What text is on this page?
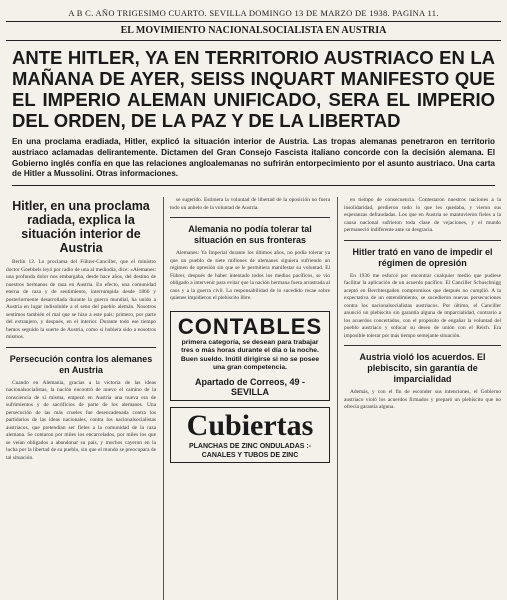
A B C. AÑO TRIGESIMO CUARTO. SEVILLA DOMINGO 13 DE MARZO DE 1938. PAGINA 11.
EL MOVIMIENTO NACIONALSOCIALISTA EN AUSTRIA
ANTE HITLER, YA EN TERRITORIO AUSTRIACO EN LA MAÑANA DE AYER, SEISS INQUART MANIFESTO QUE EL IMPERIO ALEMAN UNIFICADO, SERA EL IMPERIO DEL ORDEN, DE LA PAZ Y DE LA LIBERTAD
En una proclama eradiada, Hitler, explicó la situación interior de Austria. Las tropas alemanas penetraron en territorio austriaco aclamadas delirantemente. Dictamen del Gran Consejo Fascista italiano concorde con la decisión alemana. El Gobierno inglés confía en que las relaciones angloalemanas no sufrirán entorpecimiento por el asunto austriaco. Una carta de Hitler a Mussolini. Otras informaciones.
Hitler, en una proclama radiada, explica la situación interior de Austria

Berlín 12. Lo proclama del Führer-Canciller, que el ministro doctor Goebbels leyó por radio de una al mediodía, dice: «Alemanes: una profunda dolor nos embargaba, desde hace años, del destino de nuestros hermanos de raza en Austria. En efecto, una comunidad eterna de raza y de sentimiento, interrumpida desde 1866 y posteriormente desarrollada durante la guerra mundial, ha unido a Austria en lugar indisoluble a el seno del pueblo alemán. Nosotros sentimos también el mal que se hizo a este país; primero, por parte del extranjero, y después, en el interior. Durante todo ese tiempo hemos seguido la suerte de Austria, como si hubiera sido a nosotros mismos.

Persecución contra los alemanes en Austria

Cuando en Alemania, gracias a la victoria de las ideas nacionalsocialistas, la nación encontró de nuevo el camino de la consciencia de sí misma, empezó en Austria una nueva era de sufrimientos y de sacrificios de parte de los alemanes. Una persecución de las más crueles fue desencadenada contra los partidarios de las ideas nacionales, contra los nacionalsocialistas austriacos, que pretendían ser fieles a la comunidad de la raza alemana. Se contaron por miles los encarcelados, por miles los que se veían obligados a abandonar su país, y muchos cayeron en la lucha por la libertad de su pueblo, sin que el mundo se preocupara de tal situación.

se sugerido. Estimera la voluntad de libertad de la oposición no fuera todo un anhelo de la voluntad de Austria.

Alemania no podía tolerar tal situación en sus fronteras

Alemanes: Ya Imperial durante los últimos años, no podía tolerar ya que un pueblo de siete millones de alemanes siguiera sufriendo un régimen de opresión sin que se le permitiera manifestar su voluntad. El Führer, después de haber intentado todos los medios pacíficos, se vio obligado a intervenir para evitar que la nación hermana fuera arrastrada al caos y a la guerra civil. La responsabilidad de lo sucedido recae sobre quienes impidieron el plebiscito libre.

CONTABLES
primera categoría, se desean para trabajar tres o más horas durante el día o la noche. Buen sueldo. Inútil dirigirse si no se posee una gran competencia.
Apartado de Correos, 49 - SEVILLA
Cubiertas
PLANCHAS DE ZINC ONDULADAS :- CANALES Y TUBOS DE ZINC

en tiempo de consecuencia. Contestaron nuestros naciones a la insolidaridad, perdieron todo lo que les quedaba, y vieron sus esperanzas defraudadas. Los que en Austria se mantuvieron fieles a la causa nacional sufrieron toda clase de vejaciones, y el mundo permaneció indiferente ante su desgracia.

Hitler trató en vano de impedir el régimen de opresión

En 1936 me esforcé por encontrar cualquier medio que pudiese facilitar la aplicación de un acuerdo pacífico. El Canciller Schuschnigg aceptó en Berchtesgaden compromisos que después no cumplió. A la expectativa de un entendimiento, se sucedieron nuevas persecuciones contra los nacionalsocialistas austriacos. Por último, el Canciller anunció un plebiscito sin garantía alguna de imparcialidad, contrario a los acuerdos concertados, con el propósito de engañar la voluntad del pueblo austriaco y sofocar su deseo de unión con el Reich. Era imposible tolerar por más tiempo semejante situación.

Austria violó los acuerdos. El plebiscito, sin garantía de imparcialidad

Además, y con el fin de esconder sus intenciones, el Gobierno austriaco violó los acuerdos firmados y preparó un plebiscito que no ofrecía garantía alguna.
